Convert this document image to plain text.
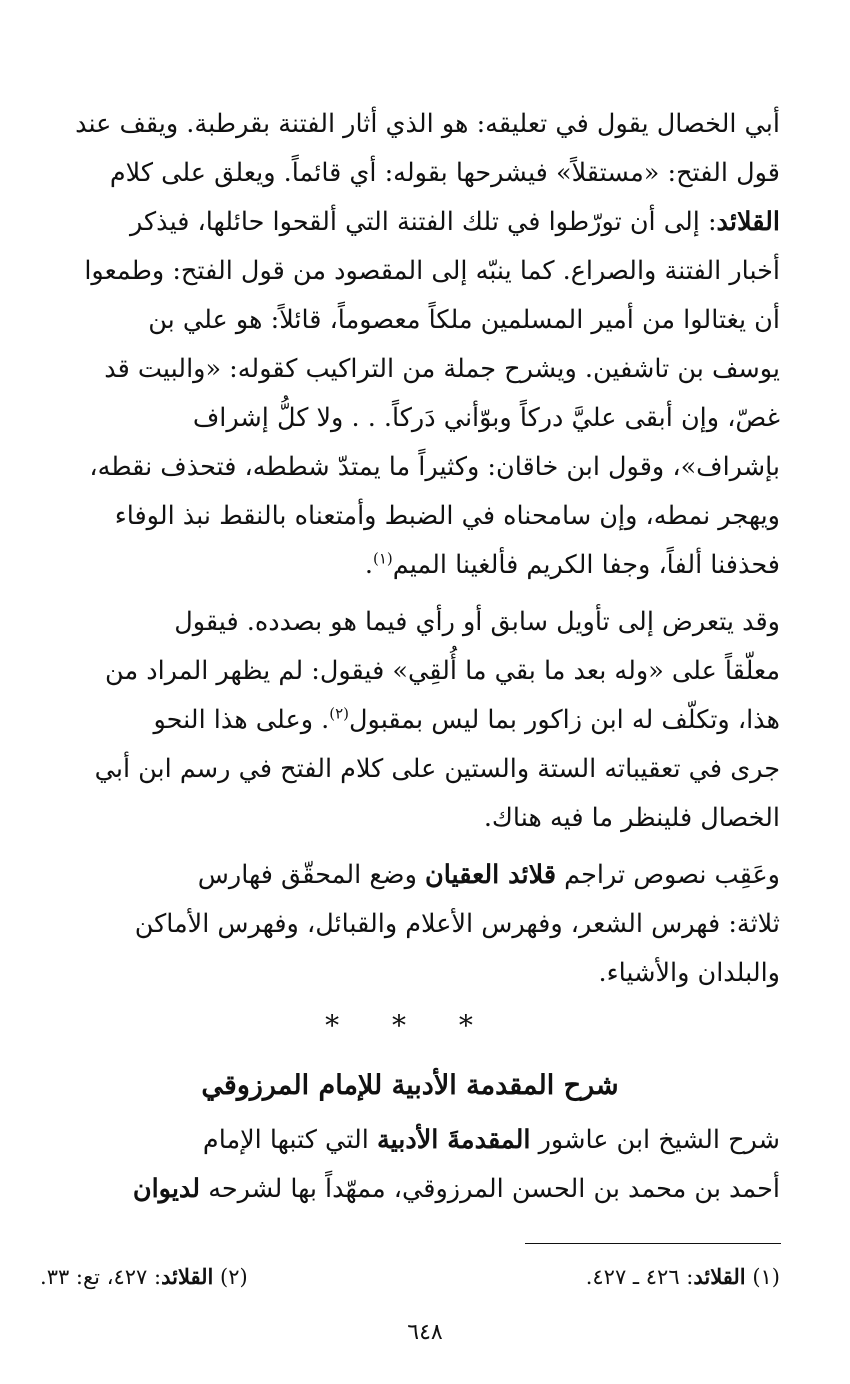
أبي الخصال يقول في تعليقه: هو الذي أثار الفتنة بقرطبة. ويقف عند
قول الفتح: «مستقلاً» فيشرحها بقوله: أي قائماً. ويعلق على كلام
القلائد: إلى أن تورّطوا في تلك الفتنة التي ألقحوا حائلها، فيذكر
أخبار الفتنة والصراع. كما ينبّه إلى المقصود من قول الفتح: وطمعوا
أن يغتالوا من أمير المسلمين ملكاً معصوماً، قائلاً: هو علي بن
يوسف بن تاشفين. ويشرح جملة من التراكيب كقوله: «والبيت قد
غصّ، وإن أبقى عليَّ دركاً وبوّأني دَركاً. . . ولا كلُّ إشراف
بإشراف»، وقول ابن خاقان: وكثيراً ما يمتدّ شططه، فتحذف نقطه،
ويهجر نمطه، وإن سامحناه في الضبط وأمتعناه بالنقط نبذ الوفاء
فحذفنا ألفاً، وجفا الكريم فألغينا الميم$^{(١)}$.

وقد يتعرض إلى تأويل سابق أو رأي فيما هو بصدده. فيقول
معلّقاً على «وله بعد ما بقي ما أُلقِي» فيقول: لم يظهر المراد من
هذا، وتكلّف له ابن زاكور بما ليس بمقبول$^{(٢)}$. وعلى هذا النحو
جرى في تعقيباته الستة والستين على كلام الفتح في رسم ابن أبي
الخصال فلينظر ما فيه هناك.

وعَقِب نصوص تراجم قلائد العقيان وضع المحقّق فهارس
ثلاثة: فهرس الشعر، وفهرس الأعلام والقبائل، وفهرس الأماكن
والبلدان والأشياء.

* * *
شرح المقدمة الأدبية للإمام المرزوقي

شرح الشيخ ابن عاشور المقدمةَ الأدبية التي كتبها الإمام
أحمد بن محمد بن الحسن المرزوقي، ممهّداً بها لشرحه لديوان

(١) القلائد: ٤٢٦ ـ ٤٢٧.
(٢) القلائد: ٤٢٧، تع: ٣٣.
٦٤٨
